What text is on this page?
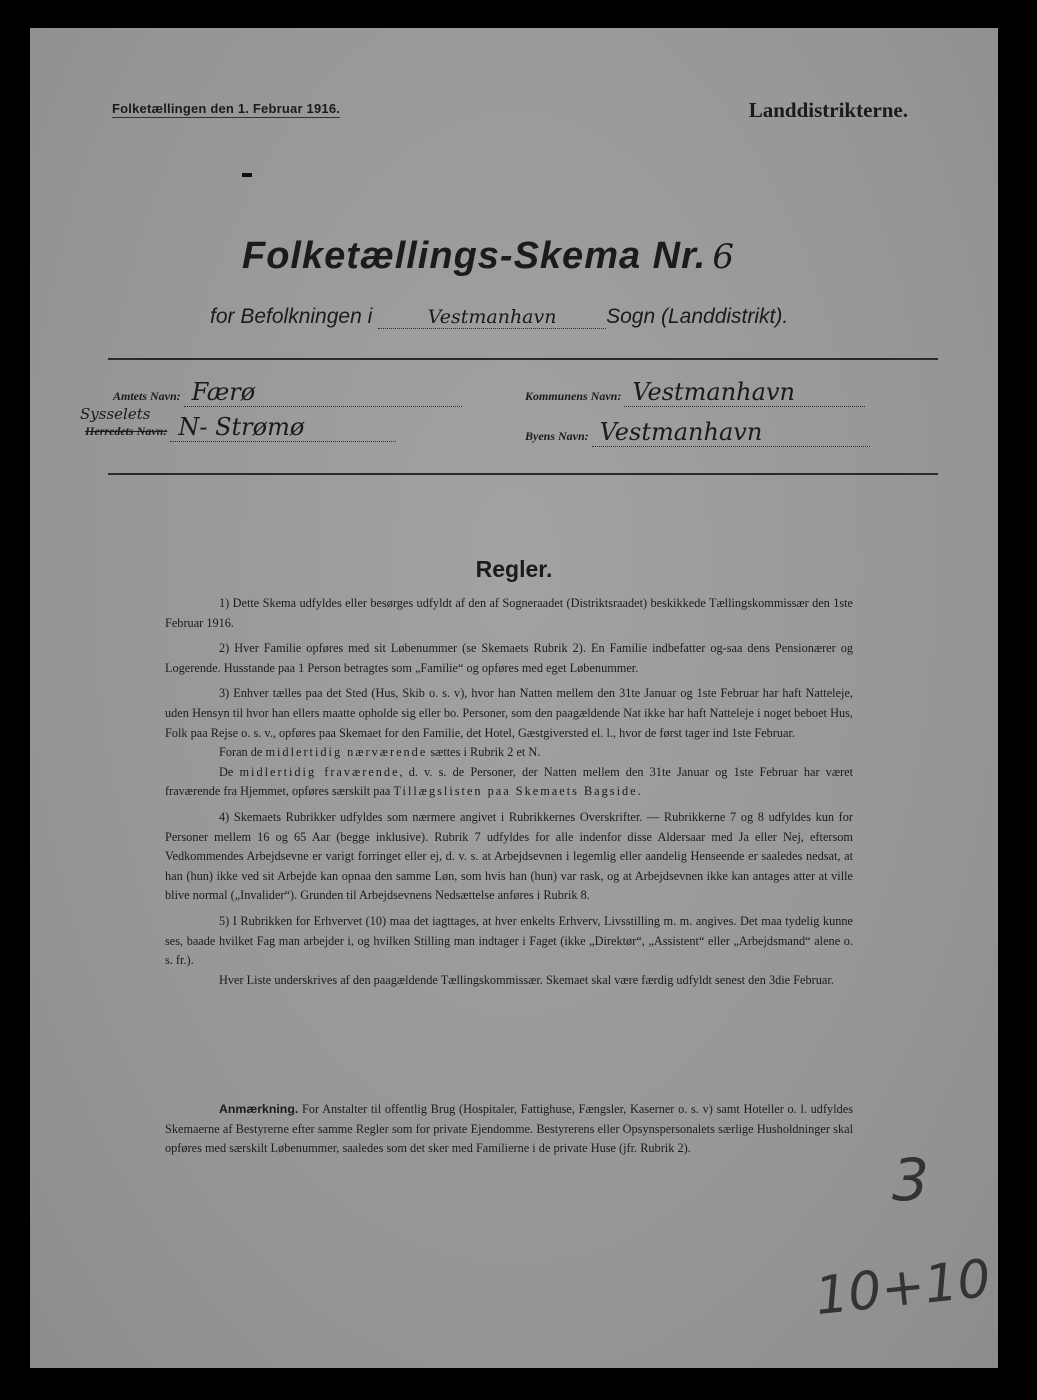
Folketællingen den 1. Februar 1916.	Landdistrikterne.
Folketællings-Skema Nr. 6
for Befolkningen i	Vestmanhavn Sogn (Landdistrikt).
Amtets Navn: Færø	Kommunens Navn: Vestmanhavn
Sysselets
Herredets Navn: N- Strømø	Byens Navn: Vestmanhavn
Regler.

1) Dette Skema udfyldes eller besørges udfyldt af den af Sogneraadet (Distriktsraadet) beskikkede Tællingskommissær den 1ste Februar 1916.

2) Hver Familie opføres med sit Løbenummer (se Skemaets Rubrik 2). En Familie indbefatter og-saa dens Pensionærer og Logerende. Husstande paa 1 Person betragtes som „Familie“ og opføres med eget Løbenummer.

3) Enhver tælles paa det Sted (Hus, Skib o. s. v), hvor han Natten mellem den 31te Januar og 1ste Februar har haft Natteleje, uden Hensyn til hvor han ellers maatte opholde sig eller bo. Personer, som den paagældende Nat ikke har haft Natteleje i noget beboet Hus, Folk paa Rejse o. s. v., opføres paa Skemaet for den Familie, det Hotel, Gæstgiversted el. l., hvor de først tager ind 1ste Februar.

Foran de midlertidig nærværende sættes i Rubrik 2 et N.

De midlertidig fraværende, d. v. s. de Personer, der Natten mellem den 31te Januar og 1ste Februar har været fraværende fra Hjemmet, opføres særskilt paa Tillægslisten paa Skemaets Bagside.

4) Skemaets Rubrikker udfyldes som nærmere angivet i Rubrikkernes Overskrifter. — Rubrikkerne 7 og 8 udfyldes kun for Personer mellem 16 og 65 Aar (begge inklusive). Rubrik 7 udfyldes for alle indenfor disse Aldersaar med Ja eller Nej, eftersom Vedkommendes Arbejdsevne er varigt forringet eller ej, d. v. s. at Arbejdsevnen i legemlig eller aandelig Henseende er saaledes nedsat, at han (hun) ikke ved sit Arbejde kan opnaa den samme Løn, som hvis han (hun) var rask, og at Arbejdsevnen ikke kan antages atter at ville blive normal („Invalider“). Grunden til Arbejdsevnens Nedsættelse anføres i Rubrik 8.

5) I Rubrikken for Erhvervet (10) maa det iagttages, at hver enkelts Erhverv, Livsstilling m. m. angives. Det maa tydelig kunne ses, baade hvilket Fag man arbejder i, og hvilken Stilling man indtager i Faget (ikke „Direktør“, „Assistent“ eller „Arbejdsmand“ alene o. s. fr.).

Hver Liste underskrives af den paagældende Tællingskommissær. Skemaet skal være færdig udfyldt senest den 3die Februar.

Anmærkning. For Anstalter til offentlig Brug (Hospitaler, Fattighuse, Fængsler, Kaserner o. s. v) samt Hoteller o. l. udfyldes Skemaerne af Bestyrerne efter samme Regler som for private Ejendomme. Bestyrerens eller Opsynspersonalets særlige Husholdninger skal opføres med særskilt Løbenummer, saaledes som det sker med Familierne i de private Huse (jfr. Rubrik 2).	3
10+10
